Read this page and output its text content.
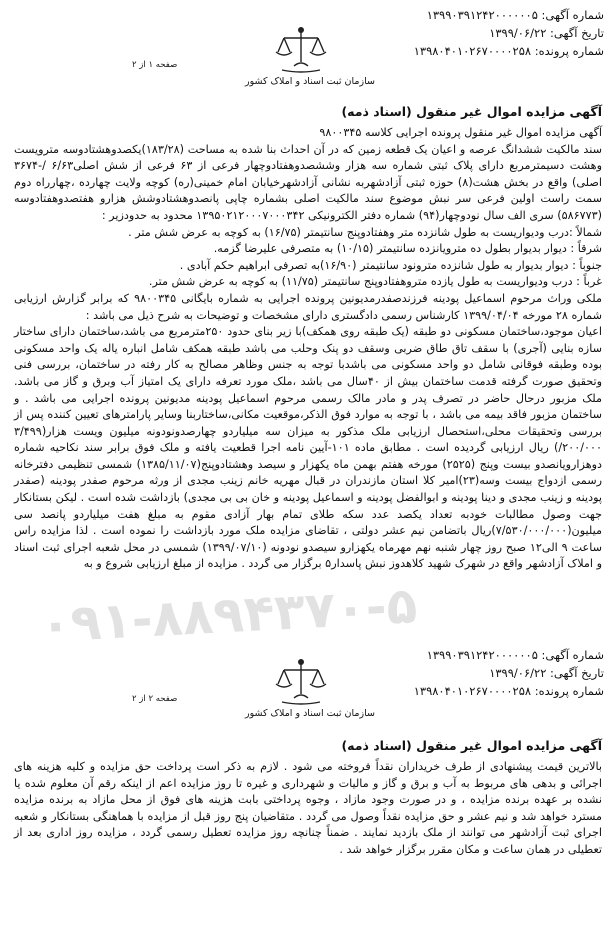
شماره آگهی: ۱۳۹۹۰۳۹۱۲۴۲۰۰۰۰۰۰۵
تاریخ آگهی: ۱۳۹۹/۰۶/۲۲
شماره پرونده: ۱۳۹۸۰۴۰۱۰۲۶۷۰۰۰۰۲۵۸
سازمان ثبت اسناد و املاک کشور
صفحه ۱ از ۲
آگهی مزایده اموال غیر منقول (اسناد ذمه)

آگهی مزایده اموال غیر منقول پرونده اجرایی کلاسه ۹۸۰۰۳۴۵

سند مالکیت ششدانگ عرصه و اعیان یک قطعه زمین که در آن احداث بنا شده به مساحت (۱۸۳/۲۸)یکصدوهشتادوسه مترویست وهشت دسیمترمربع دارای پلاک ثبتی شماره سه هزار وششصدوهفتادوچهار فرعی از ۶۳ فرعی از شش اصلی۶/۶۳ /-۳۶۷۴ اصلی) واقع در بخش هشت(۸) حوزه ثبتی آزادشهربه نشانی آزادشهرخیابان امام خمینی(ره) کوچه ولایت چهارده ،چهارراه دوم سمت راست اولین فرعی سر نبش موضوع سند مالکیت اصلی بشماره چاپی پانصدوهشتادوشش هزارو هفتصدوهفتادوسه (۵۸۶۷۷۳) سری الف سال نودوچهار(۹۴) شماره دفتر الکترونیکی ۱۳۹۵۰۲۱۲۰۰۰۷۰۰۰۳۴۲ محدود به حدودزیر :

شمالاً :درب ودیواریست به طول شانزده متر وهفتادوپنج سانتیمتر (۱۶/۷۵) به کوچه به عرض شش متر .

شرقاً : دیوار بدیوار بطول ده مترویانزده سانتیمتر (۱۰/۱۵) به متصرفی علیرضا گزمه.

جنوباً : دیوار بدیوار به طول شانزده مترونود سانتیمتر (۱۶/۹۰)به تصرفی ابراهیم حکم آبادی .

غرباً : درب ودیواریست به طول یازده متروهفتادوپنج سانتیمتر (۱۱/۷۵) به کوچه به عرض شش متر.

ملکی وراث مرحوم اسماعیل پودینه فرزندصفدرمدیونین پرونده اجرایی به شماره بایگانی ۹۸۰۰۳۴۵ که برابر گزارش ارزیابی شماره ۲۸ مورخه ۱۳۹۹/۰۴/۰۴ کارشناس رسمی دادگستری دارای مشخصات و توضیحات به شرح ذیل می باشد :

اعیان موجود،ساختمان مسکونی دو طبقه (یک طبقه روی همکف)با زیر بنای حدود ۲۵۰مترمربع می باشد،ساختمان دارای ساختار سازه بنایی (آجری) با سقف تاق طاق ضربی وسقف دو پنک وحلب می باشد طبقه همکف شامل انباره یاله یک واحد مسکونی بوده وطبقه فوقانی شامل دو واحد مسکونی می باشدبا توجه به جنس وظاهر مصالح به کار رفته در ساختمان، بررسی فنی وتحقیق صورت گرفته قدمت ساختمان بیش از ۴۰سال می باشد ،ملک مورد تعرفه دارای یک امتیاز آب وبرق و گاز می باشد. ملک مزبور درحال حاضر در تصرف پدر و مادر مالک رسمی مرحوم اسماعیل پودینه مدیونین پرونده اجرایی می باشد . و ساختمان مزبور فاقد بیمه می باشد ، با توجه به موارد فوق الذکر،موقعیت مکانی،ساختاربنا وسایر پارامترهای تعیین کننده پس از بررسی وتحقیقات محلی،استحصال ارزیابی ملک مذکور به میزان سه میلیاردو چهارصدونودونه میلیون ویست هزار(۳/۴۹۹ ۲۰۰/۰۰۰/) ریال ارزیابی گردیده است . مطابق ماده ۱۰۱-آیین نامه اجرا قطعیت یافته و ملک فوق برابر سند نکاحیه شماره دوهزارویانصدو بیست وپنج (۲۵۲۵) مورخه هفتم بهمن ماه یکهزار و سیصد وهشتادوپنج(۱۳۸۵/۱۱/۰۷) شمسی تنظیمی دفترخانه رسمی ازدواج بیست وسه(۲۳)امیر کلا استان مازندران در قبال مهریه خانم زینب مجدی از ورثه مرحوم صفدر پودینه (صفدر پودینه و زینب مجدی و دینا پودینه و ابوالفضل پودینه و اسماعیل پودینه و خان بی بی مجدی) بازداشت شده است . لیکن بستانکار جهت وصول مطالبات خودبه تعداد یکصد عدد سکه طلای تمام بهار آزادی مقوم به مبلغ هفت میلیاردو پانصد سی میلیون(۷/۵۳۰/۰۰۰/۰۰۰)ریال باتضامن نیم عشر دولتی ، تقاضای مزایده ملک مورد بازداشت را نموده است . لذا مزایده راس ساعت ۹ الی۱۲ صبح روز چهار شنبه نهم مهرماه یکهزارو سیصدو نودونه (۱۳۹۹/۰۷/۱۰) شمسی در محل شعبه اجرای ثبت اسناد و املاک آزادشهر واقع در شهرک شهید کلاهدوز نبش پاسدار۵ برگزار می گردد . مزایده از مبلغ ارزیابی شروع و به

۰۹۱-۸۸۹۴۳۷۰-۵
شماره آگهی: ۱۳۹۹۰۳۹۱۲۴۲۰۰۰۰۰۰۵
تاریخ آگهی: ۱۳۹۹/۰۶/۲۲
شماره پرونده: ۱۳۹۸۰۴۰۱۰۲۶۷۰۰۰۰۲۵۸
سازمان ثبت اسناد و املاک کشور
صفحه ۲ از ۲
آگهی مزایده اموال غیر منقول (اسناد ذمه)

بالاترین قیمت پیشنهادی از طرف خریداران نقداً فروخته می شود . لازم به ذکر است پرداخت حق مزایده و کلیه هزینه های اجرائی و بدهی های مربوط به آب و برق و گاز و مالیات و شهرداری و غیره تا روز مزایده اعم از اینکه رقم آن معلوم شده یا نشده بر عهده برنده مزایده ، و در صورت وجود مازاد ، وجوه پرداختی بابت هزینه های فوق از محل مازاد به برنده مزایده مسترد خواهد شد و نیم عشر و حق مزایده نقداً وصول می گردد . متقاضیان پنج روز قبل از مزایده با هماهنگی بستانکار و شعبه اجرای ثبت آزادشهر می توانند از ملک بازدید نمایند . ضمناً چنانچه روز مزایده تعطیل رسمی گردد ، مزایده روز اداری بعد از تعطیلی در همان ساعت و مکان مقرر برگزار خواهد شد .
